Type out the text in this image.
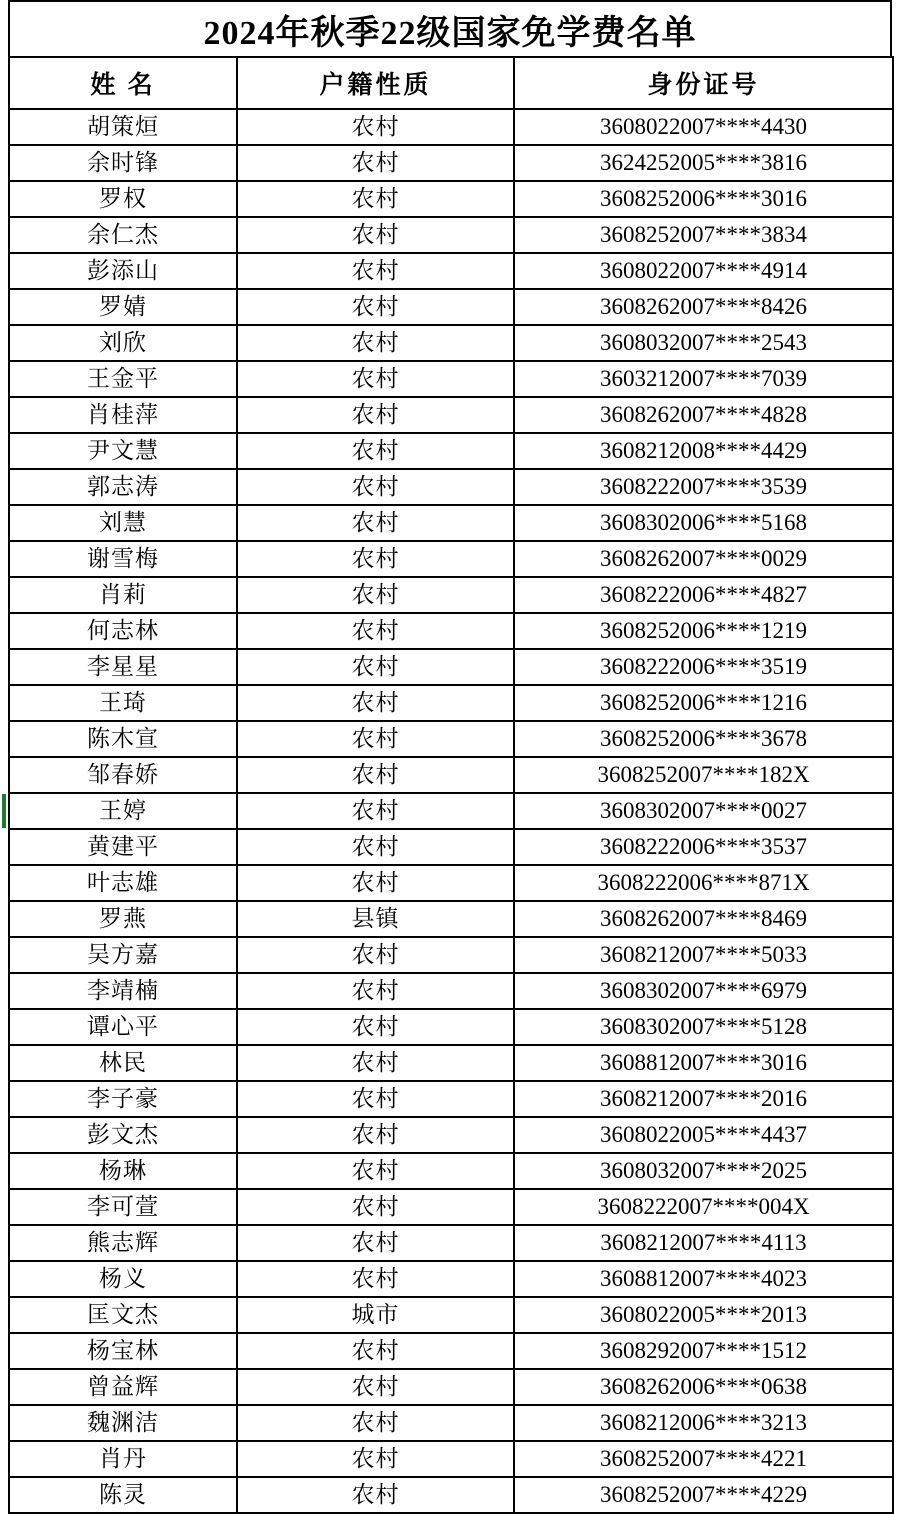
2024年秋季22级国家免学费名单
姓 名	户籍性质	身份证号
胡策烜	农村	3608022007****4430
余时锋	农村	3624252005****3816
罗权	农村	3608252006****3016
余仁杰	农村	3608252007****3834
彭添山	农村	3608022007****4914
罗婧	农村	3608262007****8426
刘欣	农村	3608032007****2543
王金平	农村	3603212007****7039
肖桂萍	农村	3608262007****4828
尹文慧	农村	3608212008****4429
郭志涛	农村	3608222007****3539
刘慧	农村	3608302006****5168
谢雪梅	农村	3608262007****0029
肖莉	农村	3608222006****4827
何志林	农村	3608252006****1219
李星星	农村	3608222006****3519
王琦	农村	3608252006****1216
陈木宣	农村	3608252006****3678
邹春娇	农村	3608252007****182X

王婷	农村	3608302007****0027
黄建平	农村	3608222006****3537
叶志雄	农村	3608222006****871X
罗燕	县镇	3608262007****8469
吴方嘉	农村	3608212007****5033
李靖楠	农村	3608302007****6979
谭心平	农村	3608302007****5128
林民	农村	3608812007****3016
李子豪	农村	3608212007****2016
彭文杰	农村	3608022005****4437
杨琳	农村	3608032007****2025
李可萱	农村	3608222007****004X
熊志辉	农村	3608212007****4113
杨义	农村	3608812007****4023
匡文杰	城市	3608022005****2013
杨宝林	农村	3608292007****1512
曾益辉	农村	3608262006****0638
魏渊洁	农村	3608212006****3213
肖丹	农村	3608252007****4221
陈灵	农村	3608252007****4229
